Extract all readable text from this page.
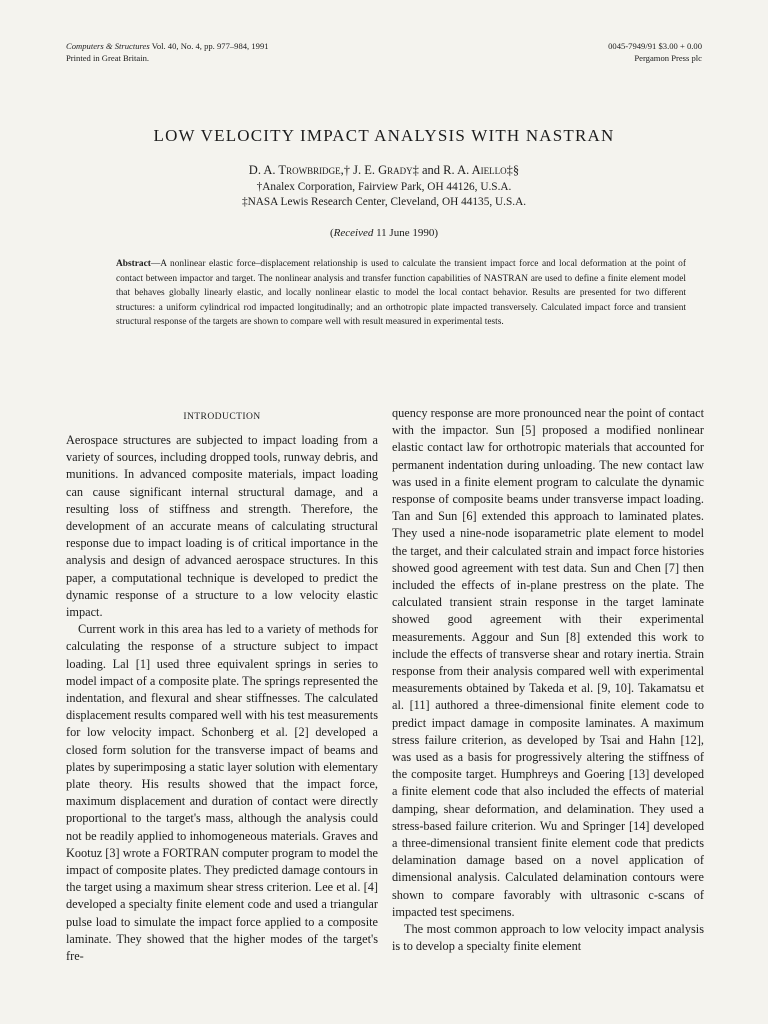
Computers & Structures Vol. 40, No. 4, pp. 977–984, 1991
Printed in Great Britain.
0045-7949/91 $3.00 + 0.00
Pergamon Press plc
LOW VELOCITY IMPACT ANALYSIS WITH NASTRAN
D. A. Trowbridge,† J. E. Grady‡ and R. A. Aiello‡§
†Analex Corporation, Fairview Park, OH 44126, U.S.A.
‡NASA Lewis Research Center, Cleveland, OH 44135, U.S.A.
(Received 11 June 1990)

Abstract—A nonlinear elastic force–displacement relationship is used to calculate the transient impact force and local deformation at the point of contact between impactor and target. The nonlinear analysis and transfer function capabilities of NASTRAN are used to define a finite element model that behaves globally linearly elastic, and locally nonlinear elastic to model the local contact behavior. Results are presented for two different structures: a uniform cylindrical rod impacted longitudinally; and an orthotropic plate impacted transversely. Calculated impact force and transient structural response of the targets are shown to compare well with result measured in experimental tests.

INTRODUCTION

Aerospace structures are subjected to impact loading from a variety of sources, including dropped tools, runway debris, and munitions. In advanced composite materials, impact loading can cause significant internal structural damage, and a resulting loss of stiffness and strength. Therefore, the development of an accurate means of calculating structural response due to impact loading is of critical importance in the analysis and design of advanced aerospace structures. In this paper, a computational technique is developed to predict the dynamic response of a structure to a low velocity elastic impact.

Current work in this area has led to a variety of methods for calculating the response of a structure subject to impact loading. Lal [1] used three equivalent springs in series to model impact of a composite plate. The springs represented the indentation, and flexural and shear stiffnesses. The calculated displacement results compared well with his test measurements for low velocity impact. Schonberg et al. [2] developed a closed form solution for the transverse impact of beams and plates by superimposing a static layer solution with elementary plate theory. His results showed that the impact force, maximum displacement and duration of contact were directly proportional to the target's mass, although the analysis could not be readily applied to inhomogeneous materials. Graves and Kootuz [3] wrote a FORTRAN computer program to model the impact of composite plates. They predicted damage contours in the target using a maximum shear stress criterion. Lee et al. [4] developed a specialty finite element code and used a triangular pulse load to simulate the impact force applied to a composite laminate. They showed that the higher modes of the target's fre-

quency response are more pronounced near the point of contact with the impactor. Sun [5] proposed a modified nonlinear elastic contact law for orthotropic materials that accounted for permanent indentation during unloading. The new contact law was used in a finite element program to calculate the dynamic response of composite beams under transverse impact loading. Tan and Sun [6] extended this approach to laminated plates. They used a nine-node isoparametric plate element to model the target, and their calculated strain and impact force histories showed good agreement with test data. Sun and Chen [7] then included the effects of in-plane prestress on the plate. The calculated transient strain response in the target laminate showed good agreement with their experimental measurements. Aggour and Sun [8] extended this work to include the effects of transverse shear and rotary inertia. Strain response from their analysis compared well with experimental measurements obtained by Takeda et al. [9, 10]. Takamatsu et al. [11] authored a three-dimensional finite element code to predict impact damage in composite laminates. A maximum stress failure criterion, as developed by Tsai and Hahn [12], was used as a basis for progressively altering the stiffness of the composite target. Humphreys and Goering [13] developed a finite element code that also included the effects of material damping, shear deformation, and delamination. They used a stress-based failure criterion. Wu and Springer [14] developed a three-dimensional transient finite element code that predicts delamination damage based on a novel application of dimensional analysis. Calculated delamination contours were shown to compare favorably with ultrasonic c-scans of impacted test specimens.

The most common approach to low velocity impact analysis is to develop a specialty finite element
